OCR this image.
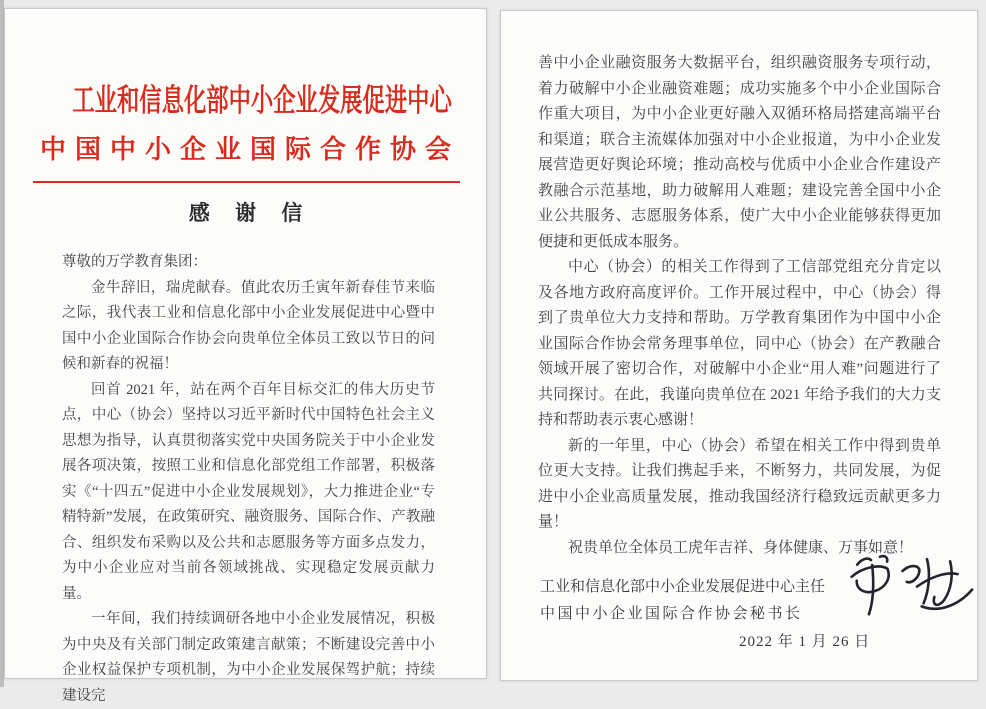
工业和信息化部中小企业发展促进中心
中国中小企业国际合作协会
感 谢 信

尊敬的万学教育集团：

金牛辞旧，瑞虎献春。值此农历壬寅年新春佳节来临之际，我代表工业和信息化部中小企业发展促进中心暨中国中小企业国际合作协会向贵单位全体员工致以节日的问候和新春的祝福！

回首 2021 年，站在两个百年目标交汇的伟大历史节点，中心（协会）坚持以习近平新时代中国特色社会主义思想为指导，认真贯彻落实党中央国务院关于中小企业发展各项决策，按照工业和信息化部党组工作部署，积极落实《“十四五”促进中小企业发展规划》，大力推进企业“专精特新”发展，在政策研究、融资服务、国际合作、产教融合、组织发布采购以及公共和志愿服务等方面多点发力，为中小企业应对当前各领域挑战、实现稳定发展贡献力量。

一年间，我们持续调研各地中小企业发展情况，积极为中央及有关部门制定政策建言献策；不断建设完善中小企业权益保护专项机制，为中小企业发展保驾护航；持续建设完

善中小企业融资服务大数据平台，组织融资服务专项行动，着力破解中小企业融资难题；成功实施多个中小企业国际合作重大项目，为中小企业更好融入双循环格局搭建高端平台和渠道；联合主流媒体加强对中小企业报道，为中小企业发展营造更好舆论环境；推动高校与优质中小企业合作建设产教融合示范基地，助力破解用人难题；建设完善全国中小企业公共服务、志愿服务体系，使广大中小企业能够获得更加便捷和更低成本服务。

中心（协会）的相关工作得到了工信部党组充分肯定以及各地方政府高度评价。工作开展过程中，中心（协会）得到了贵单位大力支持和帮助。万学教育集团作为中国中小企业国际合作协会常务理事单位，同中心（协会）在产教融合领域开展了密切合作，对破解中小企业“用人难”问题进行了共同探讨。在此，我谨向贵单位在 2021 年给予我们的大力支持和帮助表示衷心感谢！

新的一年里，中心（协会）希望在相关工作中得到贵单位更大支持。让我们携起手来，不断努力，共同发展，为促进中小企业高质量发展，推动我国经济行稳致远贡献更多力量！

祝贵单位全体员工虎年吉祥、身体健康、万事如意！

工业和信息化部中小企业发展促进中心主任

中国中小企业国际合作协会秘书长

2022 年 1 月 26 日
